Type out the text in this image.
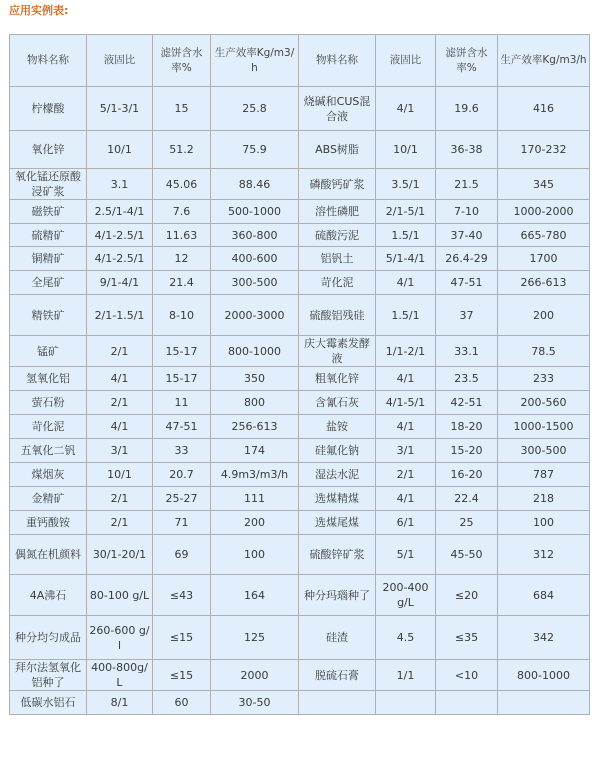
应用实例表:
物料名称	液固比	滤饼含水率%	生产效率Kg/m3/h	物料名称	液固比	滤饼含水率%	生产效率Kg/m3/h
柠檬酸	5/1-3/1	15	25.8	烧碱和CUS混合液	4/1	19.6	416
氧化锌	10/1	51.2	75.9	ABS树脂	10/1	36-38	170-232
氧化锰还原酸浸矿浆	3.1	45.06	88.46	磷酸钙矿浆	3.5/1	21.5	345
磁铁矿	2.5/1-4/1	7.6	500-1000	溶性磷肥	2/1-5/1	7-10	1000-2000
硫精矿	4/1-2.5/1	11.63	360-800	硫酸污泥	1.5/1	37-40	665-780
铜精矿	4/1-2.5/1	12	400-600	铝钒土	5/1-4/1	26.4-29	1700
全尾矿	9/1-4/1	21.4	300-500	苛化泥	4/1	47-51	266-613
精铁矿	2/1-1.5/1	8-10	2000-3000	硫酸铝残硅	1.5/1	37	200
锰矿	2/1	15-17	800-1000	庆大霉素发酵液	1/1-2/1	33.1	78.5
氢氧化铝	4/1	15-17	350	粗氧化锌	4/1	23.5	233
萤石粉	2/1	11	800	含氰石灰	4/1-5/1	42-51	200-560
苛化泥	4/1	47-51	256-613	盐铵	4/1	18-20	1000-1500
五氧化二钒	3/1	33	174	硅氟化钠	3/1	15-20	300-500
煤烟灰	10/1	20.7	4.9m3/m3/h	湿法水泥	2/1	16-20	787
金精矿	2/1	25-27	111	选煤精煤	4/1	22.4	218
重钙酸铵	2/1	71	200	选煤尾煤	6/1	25	100
偶氮在机颜料	30/1-20/1	69	100	硫酸锌矿浆	5/1	45-50	312
4A沸石	80-100 g/L	≤43	164	种分玛瑙种了	200-400 g/L	≤20	684
种分均匀成品	260-600 g/l	≤15	125	硅渣	4.5	≤35	342
拜尔法氢氧化铝种了	400-800g/L	≤15	2000	脱硫石膏	1/1	<10	800-1000
低碳水铝石	8/1	60	30-50				
